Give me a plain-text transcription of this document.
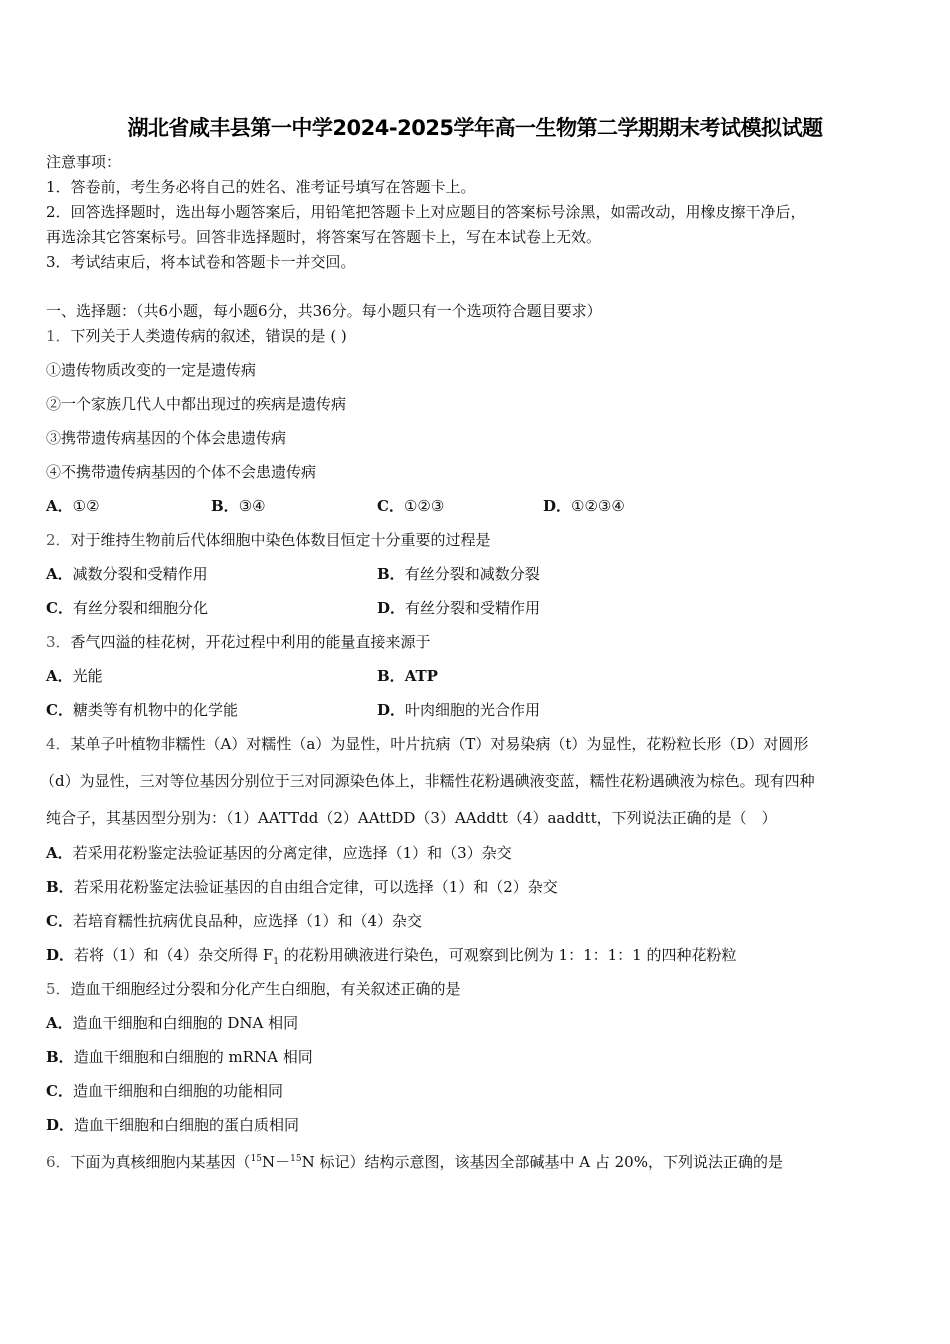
湖北省咸丰县第一中学2024-2025学年高一生物第二学期期末考试模拟试题
注意事项：
1．答卷前，考生务必将自己的姓名、准考证号填写在答题卡上。
2．回答选择题时，选出每小题答案后，用铅笔把答题卡上对应题目的答案标号涂黑，如需改动，用橡皮擦干净后，
再选涂其它答案标号。回答非选择题时，将答案写在答题卡上，写在本试卷上无效。
3．考试结束后，将本试卷和答题卡一并交回。
一、选择题：（共6小题，每小题6分，共36分。每小题只有一个选项符合题目要求）
1．下列关于人类遗传病的叙述，错误的是 ( )
①遗传物质改变的一定是遗传病
②一个家族几代人中都出现过的疾病是遗传病
③携带遗传病基因的个体会患遗传病
④不携带遗传病基因的个体不会患遗传病
A．①②	B．③④	C．①②③	D．①②③④
2．对于维持生物前后代体细胞中染色体数目恒定十分重要的过程是
A．减数分裂和受精作用	B．有丝分裂和减数分裂
C．有丝分裂和细胞分化	D．有丝分裂和受精作用
3．香气四溢的桂花树，开花过程中利用的能量直接来源于
A．光能	B．ATP
C．糖类等有机物中的化学能	D．叶肉细胞的光合作用
4．某单子叶植物非糯性（A）对糯性（a）为显性，叶片抗病（T）对易染病（t）为显性，花粉粒长形（D）对圆形
（d）为显性，三对等位基因分别位于三对同源染色体上，非糯性花粉遇碘液变蓝，糯性花粉遇碘液为棕色。现有四种
纯合子，其基因型分别为：（1）AATTdd（2）AAttDD（3）AAddtt（4）aaddtt，下列说法正确的是（　）
A．若采用花粉鉴定法验证基因的分离定律，应选择（1）和（3）杂交
B．若采用花粉鉴定法验证基因的自由组合定律，可以选择（1）和（2）杂交
C．若培育糯性抗病优良品种，应选择（1）和（4）杂交
D．若将（1）和（4）杂交所得 $F_1$ 的花粉用碘液进行染色，可观察到比例为 1：1：1：1 的四种花粉粒
5．造血干细胞经过分裂和分化产生白细胞，有关叙述正确的是
A．造血干细胞和白细胞的 DNA 相同
B．造血干细胞和白细胞的 mRNA 相同
C．造血干细胞和白细胞的功能相同
D．造血干细胞和白细胞的蛋白质相同
6．下面为真核细胞内某基因（$^{15}$N－$^{15}$N 标记）结构示意图，该基因全部碱基中 A 占 20%，下列说法正确的是
